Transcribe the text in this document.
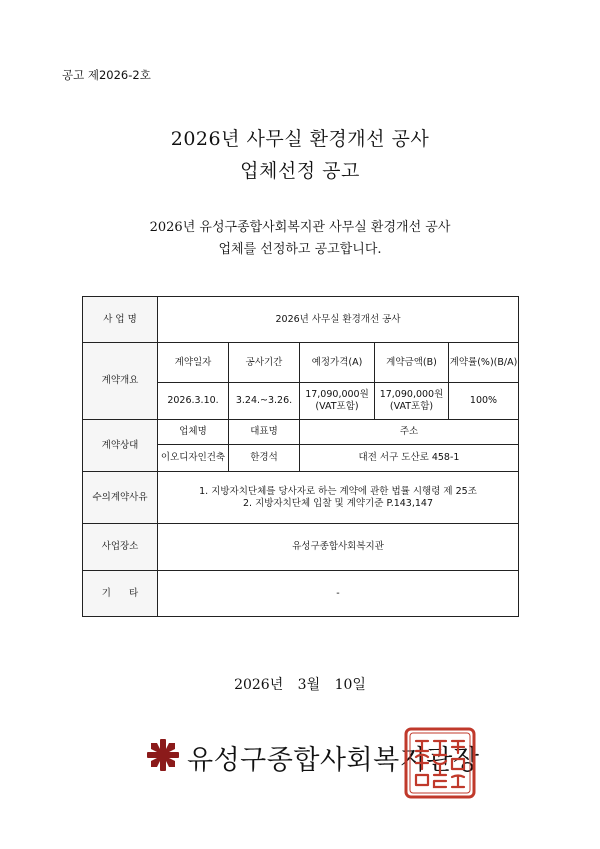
공고 제2026-2호
2026년 사무실 환경개선 공사
업체선정 공고
2026년 유성구종합사회복지관 사무실 환경개선 공사
업체를 선정하고 공고합니다.
사 업 명	2026년 사무실 환경개선 공사				
계약개요	계약일자	공사기간	예정가격(A)	계약금액(B)	계약률(%)(B/A)
	2026.3.10.	3.24.~3.26.	17,090,000원 (VAT포함)	17,090,000원 (VAT포함)	100%
계약상대	업체명	대표명	주소		
	이오디자인건축	한경석	대전 서구 도산로 458-1		
수의계약사유	1. 지방자치단체를 당사자로 하는 계약에 관한 법률 시행령 제 25조
2. 지방자치단체 입찰 및 계약기준 P.143,147				

사업장소	유성구종합사회복지관				
기      타	-				
2026년 3월 10일
유성구종합사회복지관장
